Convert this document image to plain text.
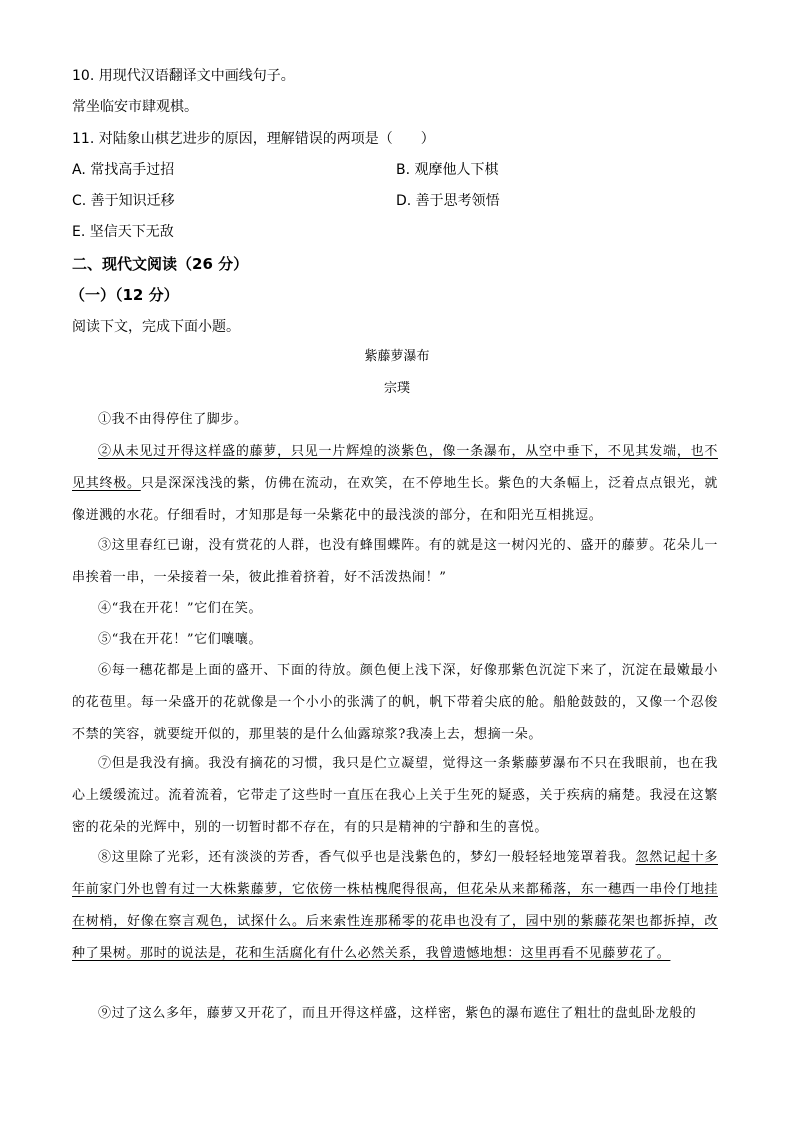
10. 用现代汉语翻译文中画线句子。
常坐临安市肆观棋。
11. 对陆象山棋艺进步的原因，理解错误的两项是（　　）
A. 常找高手过招	B. 观摩他人下棋
C. 善于知识迁移	D. 善于思考领悟
E. 坚信天下无敌
二、现代文阅读（26 分）
（一）（12 分）
阅读下文，完成下面小题。
紫藤萝瀑布
宗璞

①我不由得停住了脚步。

②从未见过开得这样盛的藤萝，只见一片辉煌的淡紫色，像一条瀑布，从空中垂下，不见其发端，也不见其终极。只是深深浅浅的紫，仿佛在流动，在欢笑，在不停地生长。紫色的大条幅上，泛着点点银光，就像迸溅的水花。仔细看时，才知那是每一朵紫花中的最浅淡的部分，在和阳光互相挑逗。

③这里春红已谢，没有赏花的人群，也没有蜂围蝶阵。有的就是这一树闪光的、盛开的藤萝。花朵儿一串挨着一串，一朵接着一朵，彼此推着挤着，好不活泼热闹！”

④“我在开花！”它们在笑。

⑤“我在开花！”它们嚷嚷。

⑥每一穗花都是上面的盛开、下面的待放。颜色便上浅下深，好像那紫色沉淀下来了，沉淀在最嫩最小的花苞里。每一朵盛开的花就像是一个小小的张满了的帆，帆下带着尖底的舱。船舱鼓鼓的，又像一个忍俊不禁的笑容，就要绽开似的，那里装的是什么仙露琼浆?我凑上去，想摘一朵。

⑦但是我没有摘。我没有摘花的习惯，我只是伫立凝望，觉得这一条紫藤萝瀑布不只在我眼前，也在我心上缓缓流过。流着流着，它带走了这些时一直压在我心上关于生死的疑惑，关于疾病的痛楚。我浸在这繁密的花朵的光辉中，别的一切暂时都不存在，有的只是精神的宁静和生的喜悦。

⑧这里除了光彩，还有淡淡的芳香，香气似乎也是浅紫色的，梦幻一般轻轻地笼罩着我。忽然记起十多年前家门外也曾有过一大株紫藤萝，它依傍一株枯槐爬得很高，但花朵从来都稀落，东一穗西一串伶仃地挂在树梢，好像在察言观色，试探什么。后来索性连那稀零的花串也没有了，园中别的紫藤花架也都拆掉，改种了果树。那时的说法是，花和生活腐化有什么必然关系，我曾遗憾地想：这里再看不见藤萝花了。

⑨过了这么多年，藤萝又开花了，而且开得这样盛，这样密，紫色的瀑布遮住了粗壮的盘虬卧龙般的
